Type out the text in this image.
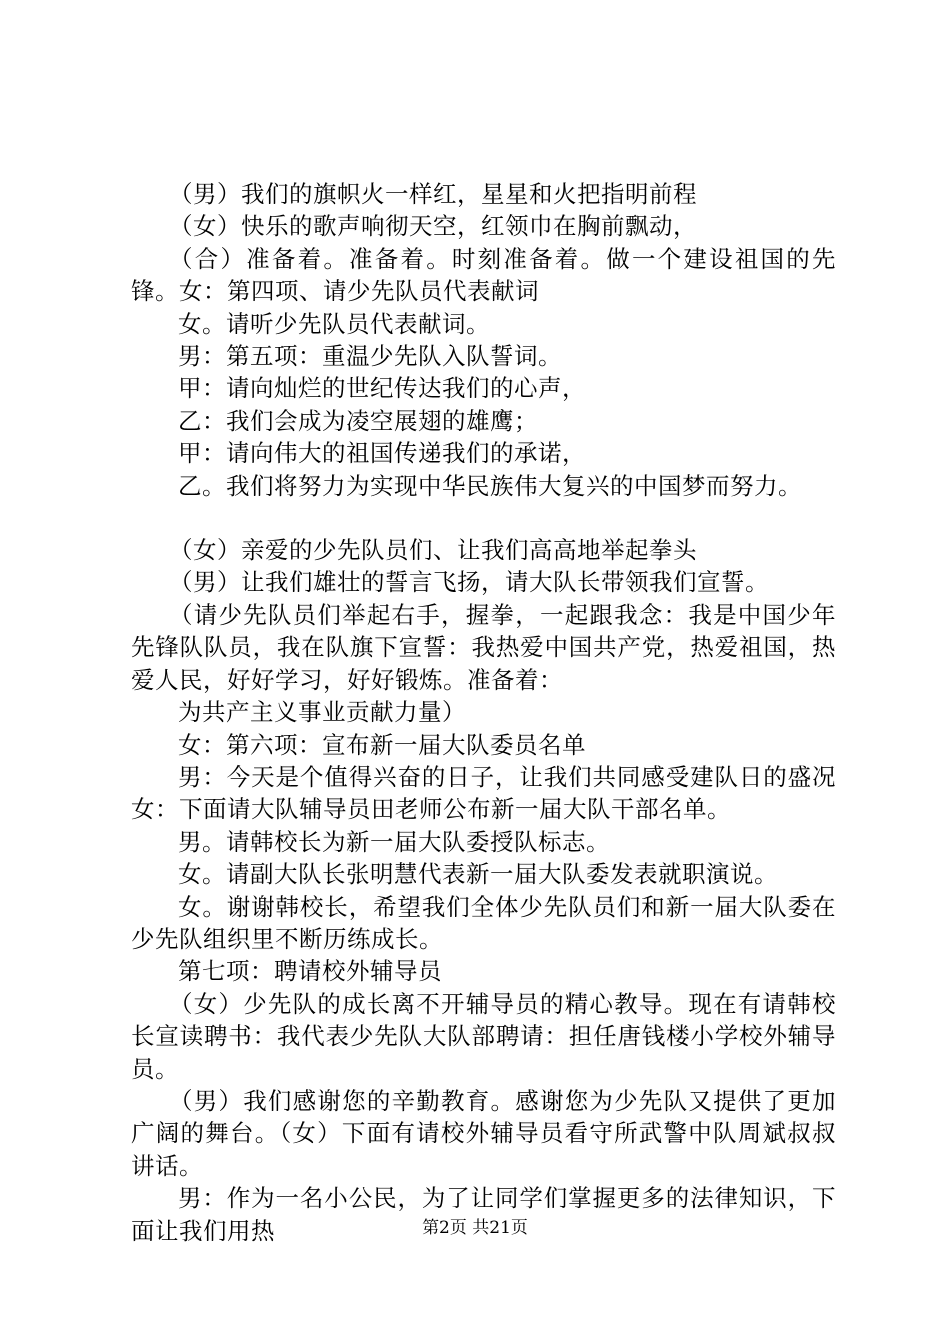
（男）我们的旗帜火一样红，星星和火把指明前程

（女）快乐的歌声响彻天空，红领巾在胸前飘动，

（合）准备着。准备着。时刻准备着。做一个建设祖国的先锋。女：第四项、请少先队员代表献词

女。请听少先队员代表献词。

男：第五项：重温少先队入队誓词。

甲：请向灿烂的世纪传达我们的心声，

乙：我们会成为凌空展翅的雄鹰；

甲：请向伟大的祖国传递我们的承诺，

乙。我们将努力为实现中华民族伟大复兴的中国梦而努力。

（女）亲爱的少先队员们、让我们高高地举起拳头

（男）让我们雄壮的誓言飞扬，请大队长带领我们宣誓。

（请少先队员们举起右手，握拳，一起跟我念：我是中国少年先锋队队员，我在队旗下宣誓：我热爱中国共产党，热爱祖国，热爱人民，好好学习，好好锻炼。准备着：

为共产主义事业贡献力量）

女：第六项：宣布新一届大队委员名单

男：今天是个值得兴奋的日子，让我们共同感受建队日的盛况女：下面请大队辅导员田老师公布新一届大队干部名单。

男。请韩校长为新一届大队委授队标志。

女。请副大队长张明慧代表新一届大队委发表就职演说。

女。谢谢韩校长，希望我们全体少先队员们和新一届大队委在少先队组织里不断历练成长。

第七项：聘请校外辅导员

（女）少先队的成长离不开辅导员的精心教导。现在有请韩校长宣读聘书：我代表少先队大队部聘请：担任唐钱楼小学校外辅导员。

（男）我们感谢您的辛勤教育。感谢您为少先队又提供了更加广阔的舞台。（女）下面有请校外辅导员看守所武警中队周斌叔叔讲话。

男：作为一名小公民，为了让同学们掌握更多的法律知识，下面让我们用热	第2页 共21页
